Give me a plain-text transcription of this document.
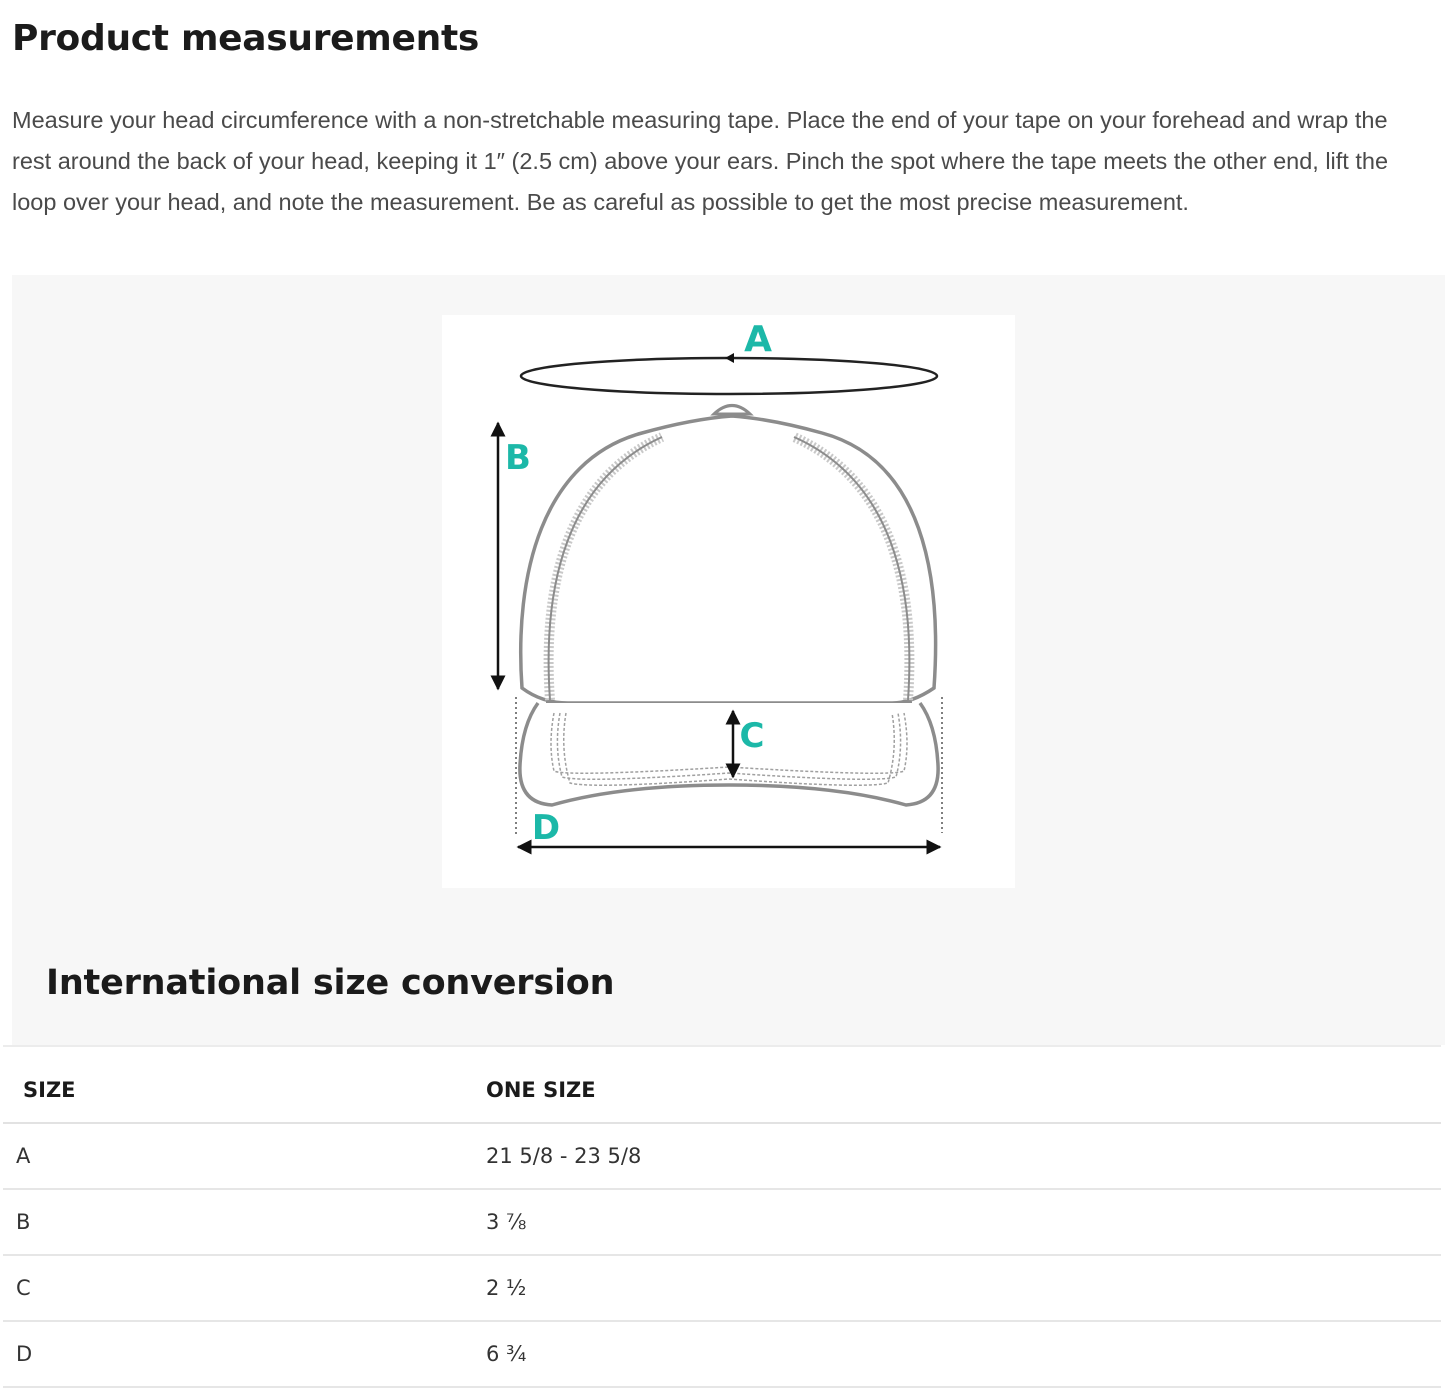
Product measurements

Measure your head circumference with a non-stretchable measuring tape. Place the end of your tape on your forehead and wrap the rest around the back of your head, keeping it 1″ (2.5 cm) above your ears. Pinch the spot where the tape meets the other end, lift the loop over your head, and note the measurement. Be as careful as possible to get the most precise measurement.

A
B
C
D
International size conversion
SIZE	ONE SIZE
A	21 5/8 - 23 5/8
B	3 ⅞
C	2 ½
D	6 ¾
